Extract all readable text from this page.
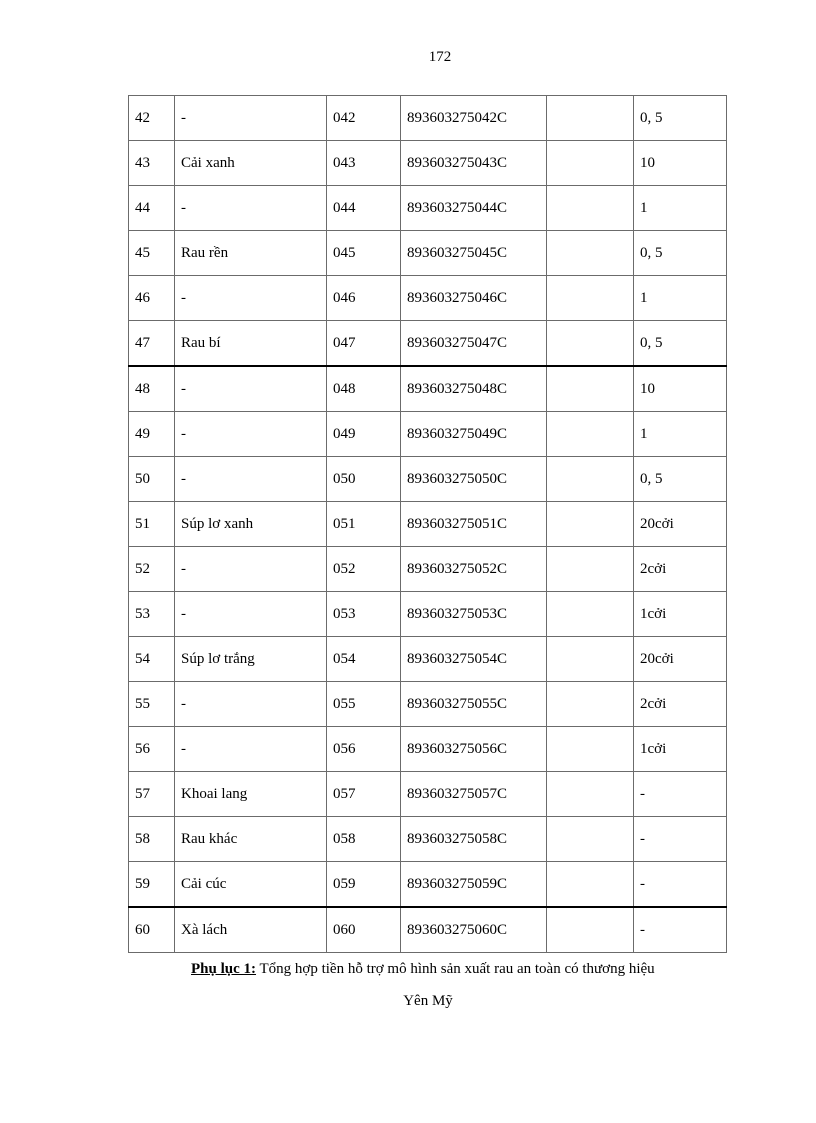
172
42	-	042	893603275042C		0, 5
43	Cải xanh	043	893603275043C		10
44	-	044	893603275044C		1
45	Rau rền	045	893603275045C		0, 5
46	-	046	893603275046C		1
47	Rau bí	047	893603275047C		0, 5
48	-	048	893603275048C		10
49	-	049	893603275049C		1
50	-	050	893603275050C		0, 5
51	Súp lơ xanh	051	893603275051C		20cởi
52	-	052	893603275052C		2cởi
53	-	053	893603275053C		1cởi
54	Súp lơ trắng	054	893603275054C		20cởi
55	-	055	893603275055C		2cởi
56	-	056	893603275056C		1cởi
57	Khoai lang	057	893603275057C		-
58	Rau khác	058	893603275058C		-
59	Cải cúc	059	893603275059C		-
60	Xà lách	060	893603275060C		-
Phụ lục 1: Tổng hợp tiền hỗ trợ mô hình sản xuất rau an toàn có thương hiệu
Yên Mỹ
